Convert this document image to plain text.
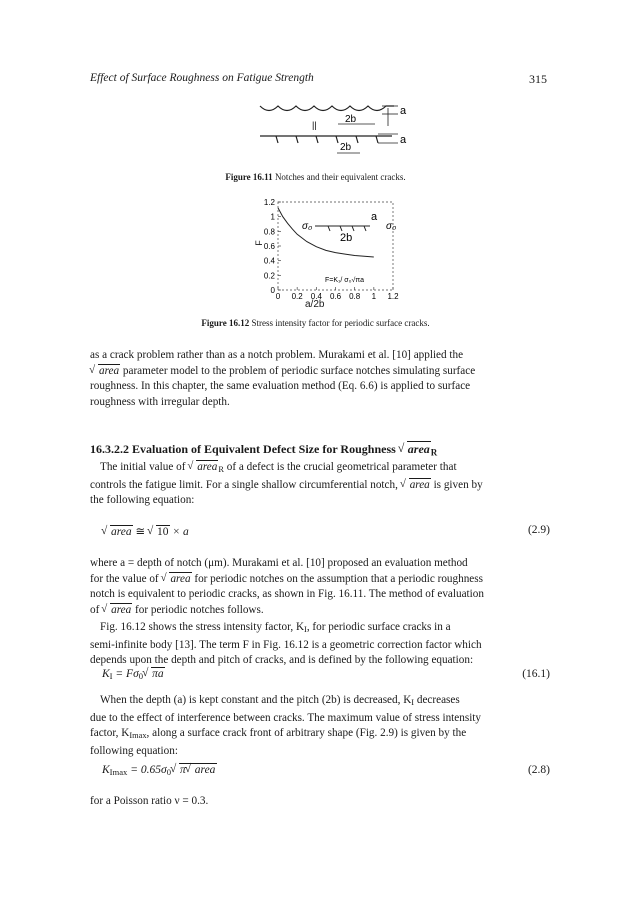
Effect of Surface Roughness on Fatigue Strength	315
a
2b
||
a
2b
Figure 16.11 Notches and their equivalent cracks.
0 0.2 0.4 0.6 0.8 1 1.2
0
0.2
0.4
0.6
0.8
1
1.2
σ₀
a
2b
σ₀
F=K₁/ σ₀√πa
a/2b
F
Figure 16.12 Stress intensity factor for periodic surface cracks.
as a crack problem rather than as a notch problem. Murakami et al. [10] applied the
√ area parameter model to the problem of periodic surface notches simulating surface
roughness. In this chapter, the same evaluation method (Eq. 6.6) is applied to surface
roughness with irregular depth.
16.3.2.2 Evaluation of Equivalent Defect Size for Roughness √ area$_R$
The initial value of √ area$_R$ of a defect is the crucial geometrical parameter that
controls the fatigue limit. For a single shallow circumferential notch, √ area is given by
the following equation:
√ area ≅ √ 10 × a	(2.9)
where a = depth of notch (μm). Murakami et al. [10] proposed an evaluation method
for the value of √ area for periodic notches on the assumption that a periodic roughness
notch is equivalent to periodic cracks, as shown in Fig. 16.11. The method of evaluation
of √ area for periodic notches follows.
Fig. 16.12 shows the stress intensity factor, $K_I$, for periodic surface cracks in a
semi-infinite body [13]. The term F in Fig. 16.12 is a geometric correction factor which
depends upon the depth and pitch of cracks, and is defined by the following equation:
$K_I = F\sigma_0$ √ πa	(16.1)
When the depth (a) is kept constant and the pitch (2b) is decreased, $K_I$ decreases
due to the effect of interference between cracks. The maximum value of stress intensity
factor, $K_{Imax}$, along a surface crack front of arbitrary shape (Fig. 2.9) is given by the
following equation:
$K_{Imax} = 0.65\sigma_0$ √ π √ area	(2.8)
for a Poisson ratio ν = 0.3.
